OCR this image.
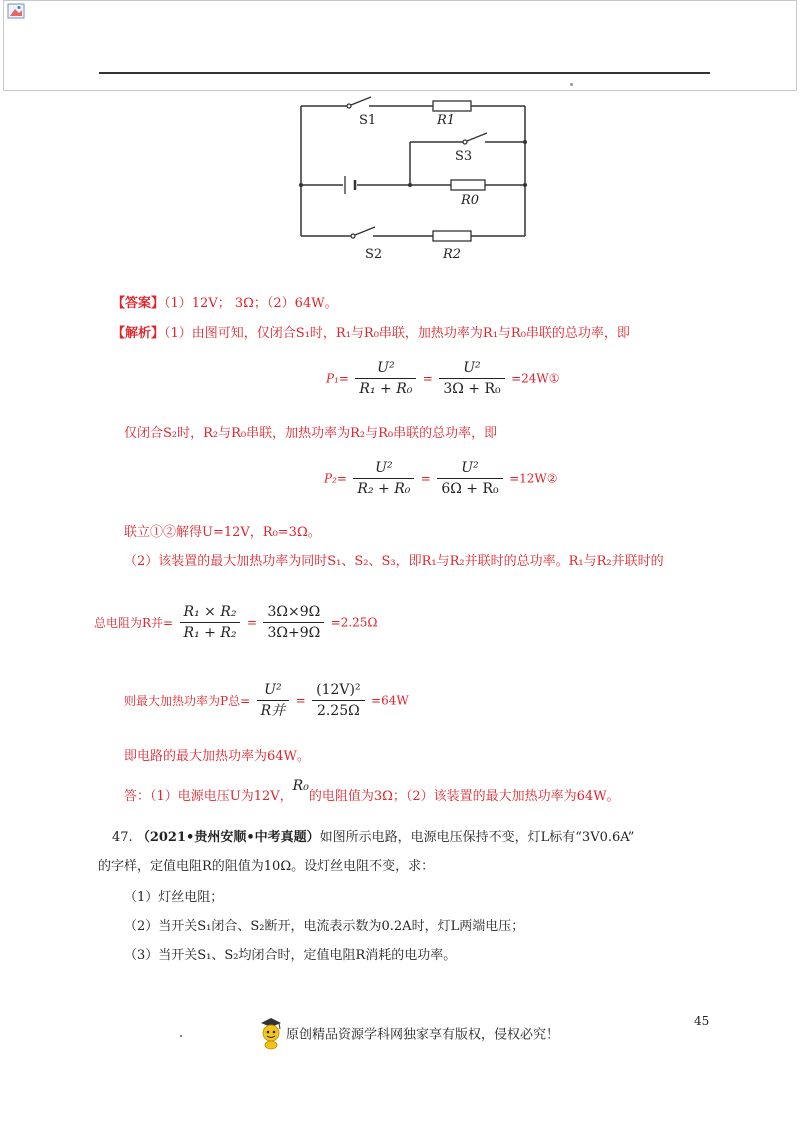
S1	R1
S3
R0
S2	R2
【答案】（1）12V； 3Ω；（2）64W。
【解析】（1）由图可知，仅闭合S₁时，R₁与R₀串联，加热功率为R₁与R₀串联的总功率，即
$P_1= \frac{\text{U²}}{\text{R₁ + R₀}} = \frac{\text{U²}}{\text{3Ω + R₀}}$ =24W①
仅闭合S₂时，R₂与R₀串联，加热功率为R₂与R₀串联的总功率，即
$P_2= \frac{\text{U²}}{\text{R₂ + R₀}} = \frac{\text{U²}}{\text{6Ω + R₀}}$ =12W②
联立①②解得U=12V，R₀=3Ω。
（2）该装置的最大加热功率为同时S₁、S₂、S₃，即R₁与R₂并联时的总功率。R₁与R₂并联时的
总电阻为R并= $\frac{\text{R₁ × R₂}}{\text{R₁ + R₂}} = \frac{3\Omega\times 9\Omega}{3\Omega+9\Omega} =2.25\Omega$
则最大加热功率为P总= $\frac{\text{U²}}{\text{R并}} = \frac{\text{(12V)²}}{2.25\Omega} =64W$
即电路的最大加热功率为64W。
答：（1）电源电压U为12V，R₀的电阻值为3Ω；（2）该装置的最大加热功率为64W。
47. （2021•贵州安顺•中考真题）如图所示电路，电源电压保持不变，灯L标有“3V0.6A”
的字样，定值电阻R的阻值为10Ω。设灯丝电阻不变，求：
（1）灯丝电阻；
（2）当开关S₁闭合、S₂断开，电流表示数为0.2A时，灯L两端电压；
（3）当开关S₁、S₂均闭合时，定值电阻R消耗的电功率。
45
原创精品资源学科网独家享有版权，侵权必究！
